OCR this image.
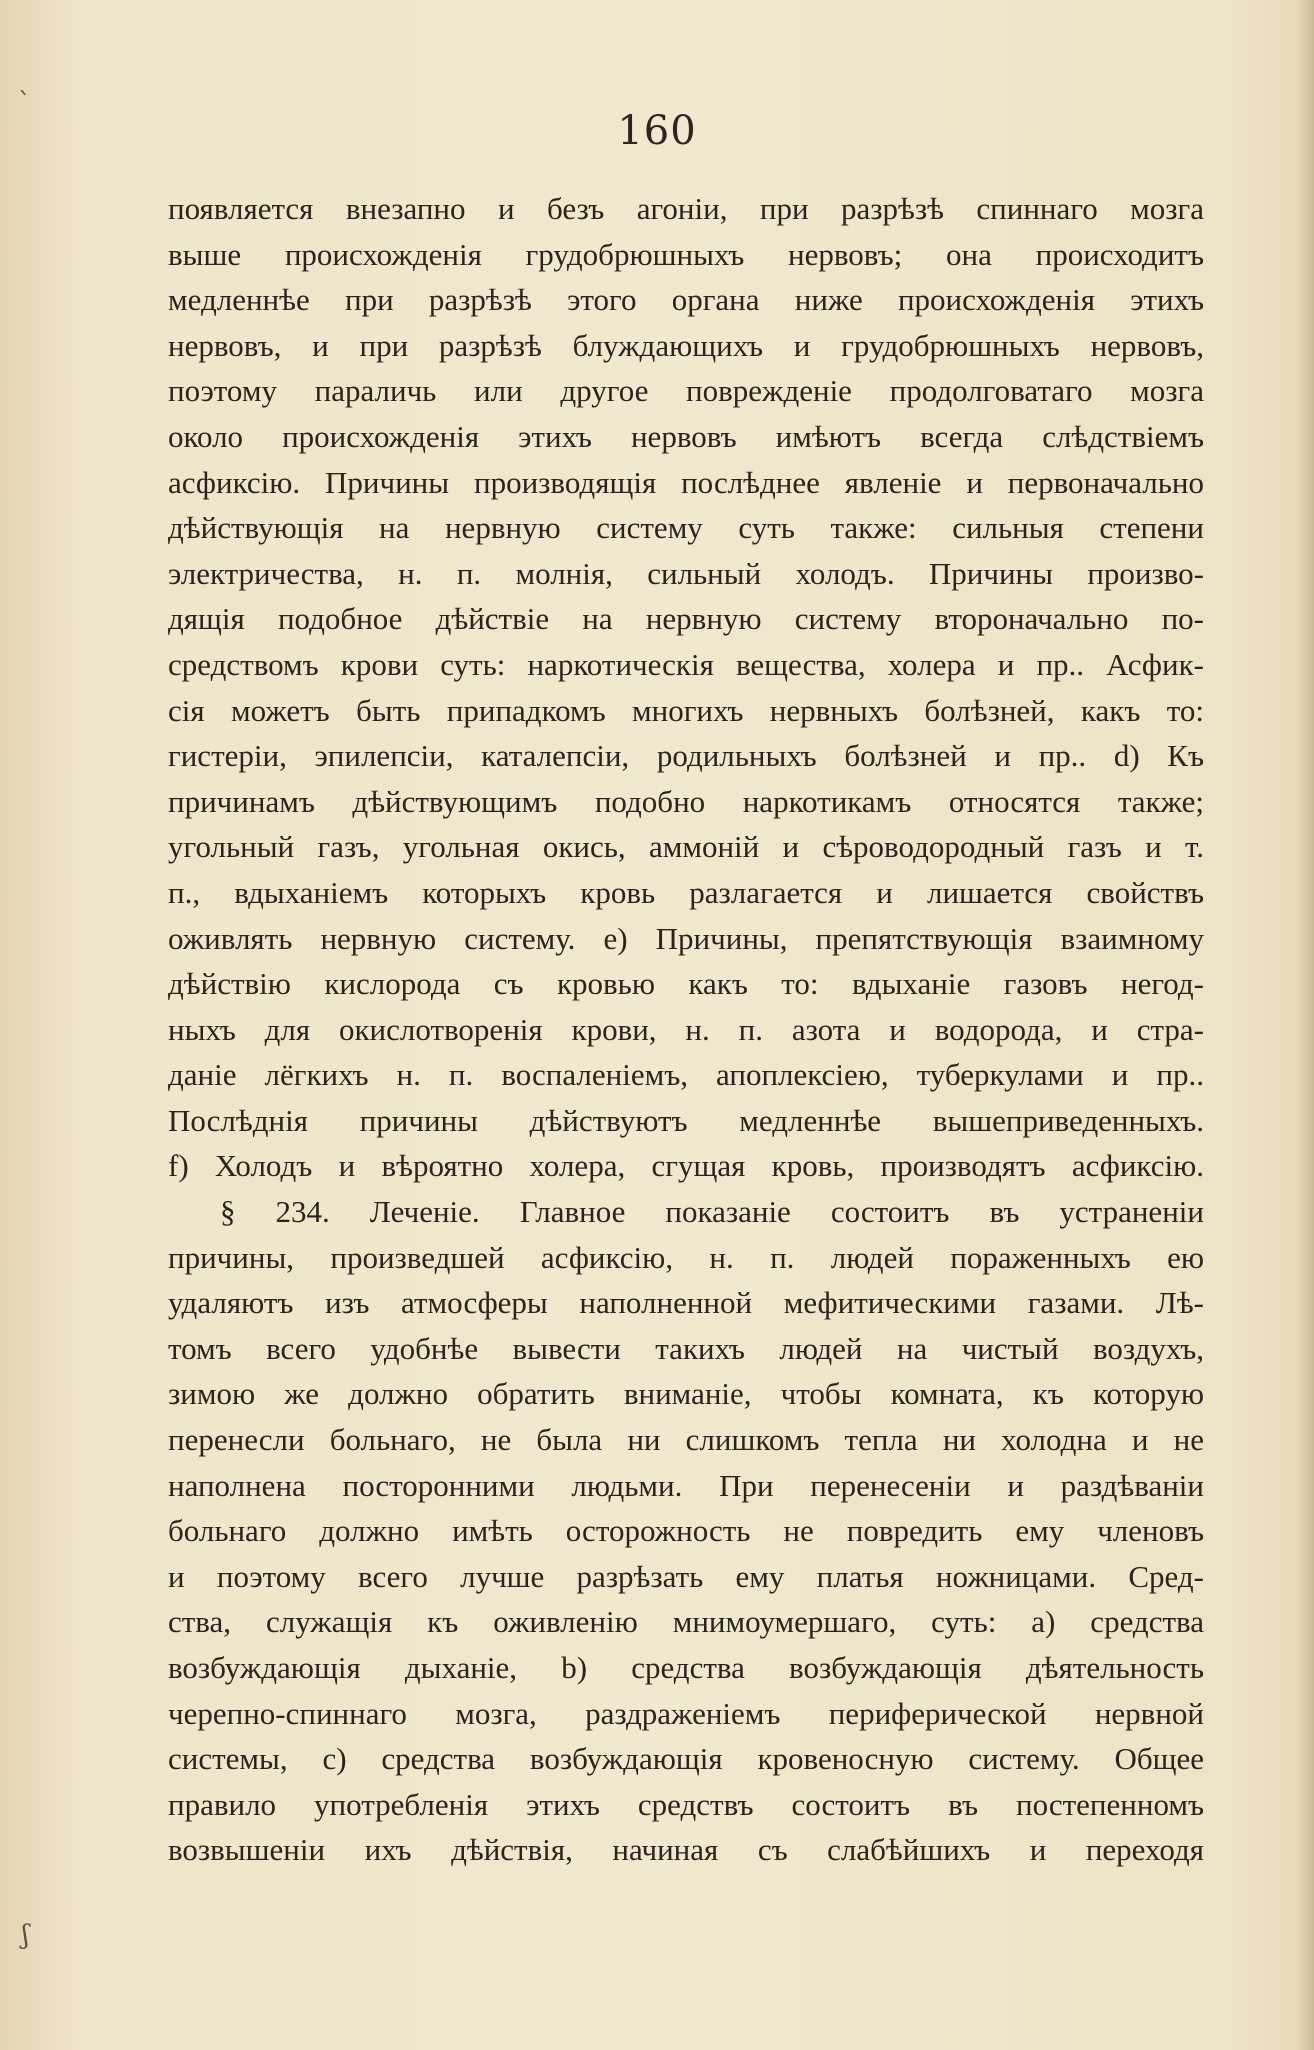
ˋ
ʃ
160
появляется внезапно и безъ агоніи, при разрѣзѣ спиннаго мозга
выше происхожденія грудобрюшныхъ нервовъ; она происходитъ
медленнѣе при разрѣзѣ этого органа ниже происхожденія этихъ
нервовъ, и при разрѣзѣ блуждающихъ и грудобрюшныхъ нервовъ,
поэтому параличь или другое поврежденіе продолговатаго мозга
около происхожденія этихъ нервовъ имѣютъ всегда слѣдствіемъ
асфиксію. Причины производящія послѣднее явленіе и первоначально
дѣйствующія на нервную систему суть также: сильныя степени
электричества, н. п. молнія, сильный холодъ. Причины произво-
дящія подобное дѣйствіе на нервную систему второначально по-
средствомъ крови суть: наркотическія вещества, холера и пр.. Асфик-
сія можетъ быть припадкомъ многихъ нервныхъ болѣзней, какъ то:
гистеріи, эпилепсіи, каталепсіи, родильныхъ болѣзней и пр.. d) Къ
причинамъ дѣйствующимъ подобно наркотикамъ относятся также;
угольный газъ, угольная окись, аммоній и сѣроводородный газъ и т.
п., вдыханіемъ которыхъ кровь разлагается и лишается свойствъ
оживлять нервную систему. e) Причины, препятствующія взаимному
дѣйствію кислорода съ кровью какъ то: вдыханіе газовъ негод-
ныхъ для окислотворенія крови, н. п. азота и водорода, и стра-
даніе лёгкихъ н. п. воспаленіемъ, апоплексіею, туберкулами и пр..
Послѣднія причины дѣйствуютъ медленнѣе вышеприведенныхъ.
f) Холодъ и вѣроятно холера, сгущая кровь, производятъ асфиксію.
§ 234. Леченіе. Главное показаніе состоитъ въ устраненіи
причины, произведшей асфиксію, н. п. людей пораженныхъ ею
удаляютъ изъ атмосферы наполненной мефитическими газами. Лѣ-
томъ всего удобнѣе вывести такихъ людей на чистый воздухъ,
зимою же должно обратить вниманіе, чтобы комната, къ которую
перенесли больнаго, не была ни слишкомъ тепла ни холодна и не
наполнена посторонними людьми. При перенесеніи и раздѣваніи
больнаго должно имѣть осторожность не повредить ему членовъ
и поэтому всего лучше разрѣзать ему платья ножницами. Сред-
ства, служащія къ оживленію мнимоумершаго, суть: a) средства
возбуждающія дыханіе, b) средства возбуждающія дѣятельность
черепно-спиннаго мозга, раздраженіемъ периферической нервной
системы, c) средства возбуждающія кровеносную систему. Общее
правило употребленія этихъ средствъ состоитъ въ постепенномъ
возвышеніи ихъ дѣйствія, начиная съ слабѣйшихъ и переходя
